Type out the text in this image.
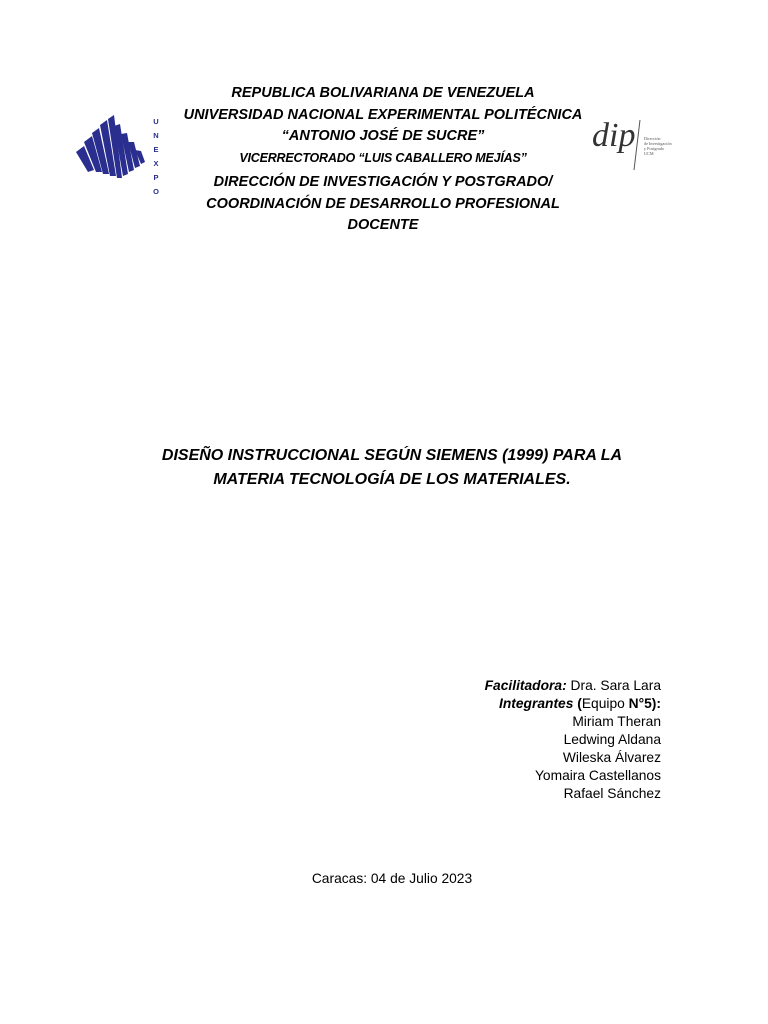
U
N
E
X
P
O
dip Dirección
de Investigación
y Postgrado
UCM
REPUBLICA BOLIVARIANA DE VENEZUELA
UNIVERSIDAD NACIONAL EXPERIMENTAL POLITÉCNICA
“ANTONIO JOSÉ DE SUCRE”
VICERRECTORADO “LUIS CABALLERO MEJÍAS”
DIRECCIÓN DE INVESTIGACIÓN Y POSTGRADO/
COORDINACIÓN DE DESARROLLO PROFESIONAL
DOCENTE
DISEÑO INSTRUCCIONAL SEGÚN SIEMENS (1999) PARA LA
MATERIA TECNOLOGÍA DE LOS MATERIALES.
Facilitadora: Dra. Sara Lara
Integrantes (Equipo N°5):
Miriam Theran
Ledwing Aldana
Wileska Álvarez
Yomaira Castellanos
Rafael Sánchez
Caracas: 04 de Julio 2023
